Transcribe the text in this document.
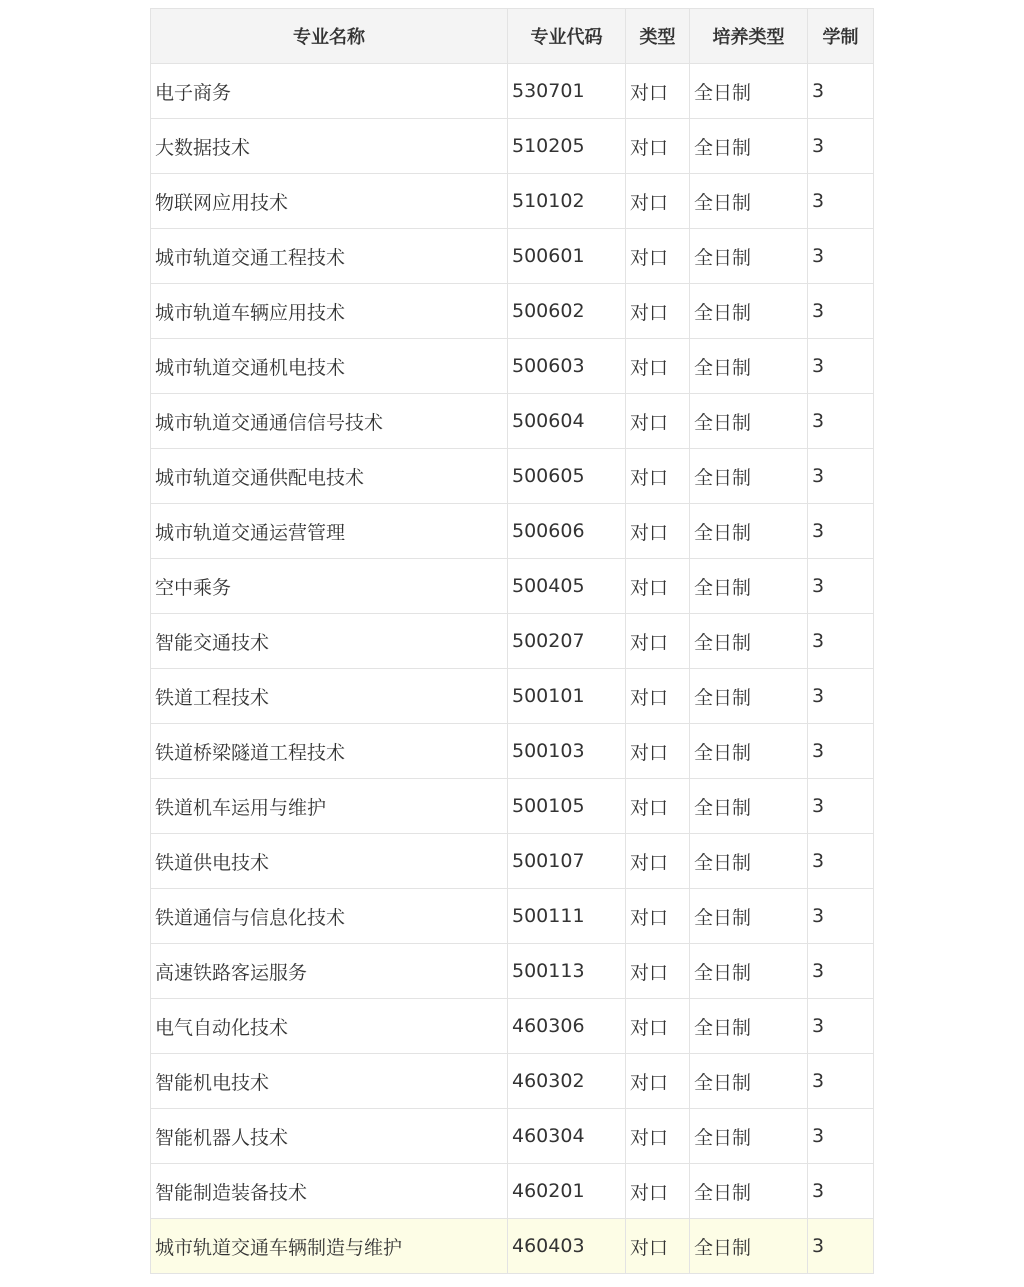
专业名称	专业代码	类型	培养类型	学制
电子商务	530701	对口	全日制	3
大数据技术	510205	对口	全日制	3
物联网应用技术	510102	对口	全日制	3
城市轨道交通工程技术	500601	对口	全日制	3
城市轨道车辆应用技术	500602	对口	全日制	3
城市轨道交通机电技术	500603	对口	全日制	3
城市轨道交通通信信号技术	500604	对口	全日制	3
城市轨道交通供配电技术	500605	对口	全日制	3
城市轨道交通运营管理	500606	对口	全日制	3
空中乘务	500405	对口	全日制	3
智能交通技术	500207	对口	全日制	3
铁道工程技术	500101	对口	全日制	3
铁道桥梁隧道工程技术	500103	对口	全日制	3
铁道机车运用与维护	500105	对口	全日制	3
铁道供电技术	500107	对口	全日制	3
铁道通信与信息化技术	500111	对口	全日制	3
高速铁路客运服务	500113	对口	全日制	3
电气自动化技术	460306	对口	全日制	3
智能机电技术	460302	对口	全日制	3
智能机器人技术	460304	对口	全日制	3
智能制造装备技术	460201	对口	全日制	3
城市轨道交通车辆制造与维护	460403	对口	全日制	3
